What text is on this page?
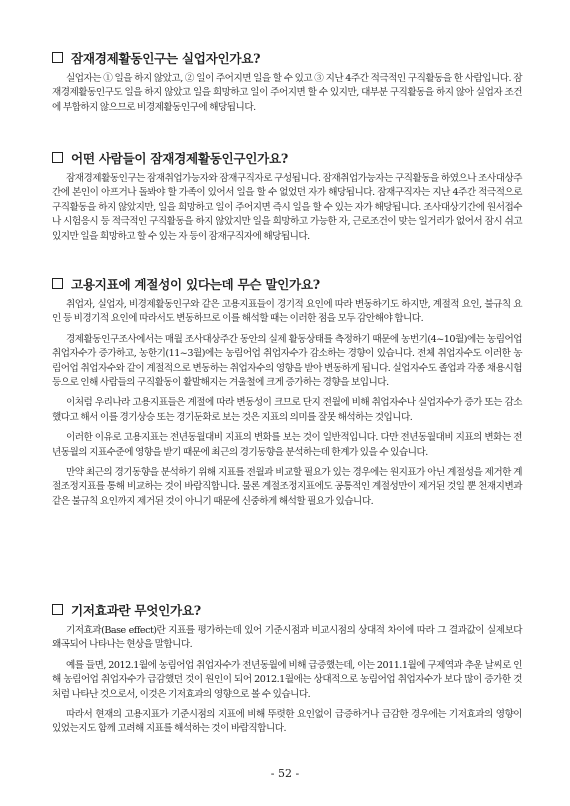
잠재경제활동인구는 실업자인가요?

실업자는 ① 일을 하지 않았고, ② 일이 주어지면 일을 할 수 있고 ③ 지난 4주간 적극적인 구직활동을 한 사람입니다. 잠재경제활동인구도 일을 하지 않았고 일을 희망하고 일이 주어지면 할 수 있지만, 대부분 구직활동을 하지 않아 실업자 조건에 부합하지 않으므로 비경제활동인구에 해당됩니다.

어떤 사람들이 잠재경제활동인구인가요?

잠재경제활동인구는 잠재취업가능자와 잠재구직자로 구성됩니다. 잠재취업가능자는 구직활동을 하였으나 조사대상주간에 본인이 아프거나 돌봐야 할 가족이 있어서 일을 할 수 없었던 자가 해당됩니다. 잠재구직자는 지난 4주간 적극적으로 구직활동을 하지 않았지만, 일을 희망하고 일이 주어지면 즉시 일을 할 수 있는 자가 해당됩니다. 조사대상기간에 원서접수나 시험응시 등 적극적인 구직활동을 하지 않았지만 일을 희망하고 가능한 자, 근로조건이 맞는 일거리가 없어서 잠시 쉬고 있지만 일을 희망하고 할 수 있는 자 등이 잠재구직자에 해당됩니다.

고용지표에 계절성이 있다는데 무슨 말인가요?

취업자, 실업자, 비경제활동인구와 같은 고용지표들이 경기적 요인에 따라 변동하기도 하지만, 계절적 요인, 불규칙 요인 등 비경기적 요인에 따라서도 변동하므로 이를 해석할 때는 이러한 점을 모두 감안해야 합니다.

경제활동인구조사에서는 매월 조사대상주간 동안의 실제 활동상태를 측정하기 때문에 농번기(4~10월)에는 농림어업 취업자수가 증가하고, 농한기(11~3월)에는 농림어업 취업자수가 감소하는 경향이 있습니다. 전체 취업자수도 이러한 농림어업 취업자수와 같이 계절적으로 변동하는 취업자수의 영향을 받아 변동하게 됩니다. 실업자수도 졸업과 각종 채용시험 등으로 인해 사람들의 구직활동이 활발해지는 겨울철에 크게 증가하는 경향을 보입니다.

이처럼 우리나라 고용지표들은 계절에 따라 변동성이 크므로 단지 전월에 비해 취업자수나 실업자수가 증가 또는 감소했다고 해서 이를 경기상승 또는 경기둔화로 보는 것은 지표의 의미를 잘못 해석하는 것입니다.

이러한 이유로 고용지표는 전년동월대비 지표의 변화를 보는 것이 일반적입니다. 다만 전년동월대비 지표의 변화는 전년동월의 지표수준에 영향을 받기 때문에 최근의 경기동향을 분석하는데 한계가 있을 수 있습니다.

만약 최근의 경기동향을 분석하기 위해 지표를 전월과 비교할 필요가 있는 경우에는 원지표가 아닌 계절성을 제거한 계절조정지표를 통해 비교하는 것이 바람직합니다. 물론 계절조정지표에도 공통적인 계절성만이 제거된 것일 뿐 천재지변과 같은 불규칙 요인까지 제거된 것이 아니기 때문에 신중하게 해석할 필요가 있습니다.

기저효과란 무엇인가요?

기저효과(Base effect)란 지표를 평가하는데 있어 기준시점과 비교시점의 상대적 차이에 따라 그 결과값이 실제보다 왜곡되어 나타나는 현상을 말합니다.

예를 들면, 2012.1월에 농림어업 취업자수가 전년동월에 비해 급증했는데, 이는 2011.1월에 구제역과 추운 날씨로 인해 농림어업 취업자수가 급감했던 것이 원인이 되어 2012.1월에는 상대적으로 농림어업 취업자수가 보다 많이 증가한 것처럼 나타난 것으로서, 이것은 기저효과의 영향으로 볼 수 있습니다.

따라서 현재의 고용지표가 기준시점의 지표에 비해 뚜렷한 요인없이 급증하거나 급감한 경우에는 기저효과의 영향이 있었는지도 함께 고려해 지표를 해석하는 것이 바람직합니다.

- 52 -
